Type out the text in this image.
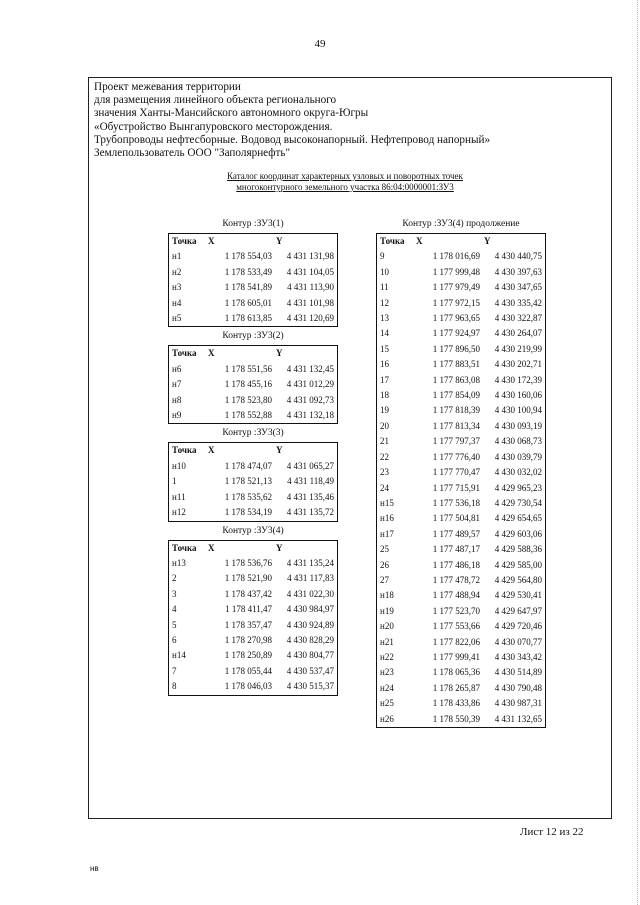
49
Проект межевания территории
для размещения линейного объекта регионального
значения Ханты-Мансийского автономного округа-Югры
«Обустройство Вынгапуровского месторождения.
Трубопроводы нефтесборные. Водовод высоконапорный. Нефтепровод напорный»
Землепользователь ООО "Заполярнефть"
Каталог координат характерных узловых и поворотных точек
многоконтурного земельного участка 86:04:0000001:ЗУ3
Контур :ЗУ3(1)
Точка	X	Y
н1	1 178 554,03	4 431 131,98
н2	1 178 533,49	4 431 104,05
н3	1 178 541,89	4 431 113,90
н4	1 178 605,01	4 431 101,98
н5	1 178 613,85	4 431 120,69
Контур :ЗУ3(2)
Точка	X	Y
н6	1 178 551,56	4 431 132,45
н7	1 178 455,16	4 431 012,29
н8	1 178 523,80	4 431 092,73
н9	1 178 552,88	4 431 132,18
Контур :ЗУ3(3)
Точка	X	Y
н10	1 178 474,07	4 431 065,27
1	1 178 521,13	4 431 118,49
н11	1 178 535,62	4 431 135,46
н12	1 178 534,19	4 431 135,72
Контур :ЗУ3(4)
Точка	X	Y
н13	1 178 536,76	4 431 135,24
2	1 178 521,90	4 431 117,83
3	1 178 437,42	4 431 022,30
4	1 178 411,47	4 430 984,97
5	1 178 357,47	4 430 924,89
6	1 178 270,98	4 430 828,29
н14	1 178 250,89	4 430 804,77
7	1 178 055,44	4 430 537,47
8	1 178 046,03	4 430 515,37
Контур :ЗУ3(4) продолжение
Точка	X	Y
9	1 178 016,69	4 430 440,75
10	1 177 999,48	4 430 397,63
11	1 177 979,49	4 430 347,65
12	1 177 972,15	4 430 335,42
13	1 177 963,65	4 430 322,87
14	1 177 924,97	4 430 264,07
15	1 177 896,50	4 430 219,99
16	1 177 883,51	4 430 202,71
17	1 177 863,08	4 430 172,39
18	1 177 854,09	4 430 160,06
19	1 177 818,39	4 430 100,94
20	1 177 813,34	4 430 093,19
21	1 177 797,37	4 430 068,73
22	1 177 776,40	4 430 039,79
23	1 177 770,47	4 430 032,02
24	1 177 715,91	4 429 965,23
н15	1 177 536,18	4 429 730,54
н16	1 177 504,81	4 429 654,65
н17	1 177 489,57	4 429 603,06
25	1 177 487,17	4 429 588,36
26	1 177 486,18	4 429 585,00
27	1 177 478,72	4 429 564,80
н18	1 177 488,94	4 429 530,41
н19	1 177 523,70	4 429 647,97
н20	1 177 553,66	4 429 720,46
н21	1 177 822,06	4 430 070,77
н22	1 177 999,41	4 430 343,42
н23	1 178 065,36	4 430 514,89
н24	1 178 265,87	4 430 790,48
н25	1 178 433,86	4 430 987,31
н26	1 178 550,39	4 431 132,65
Лист 12 из 22
нв
